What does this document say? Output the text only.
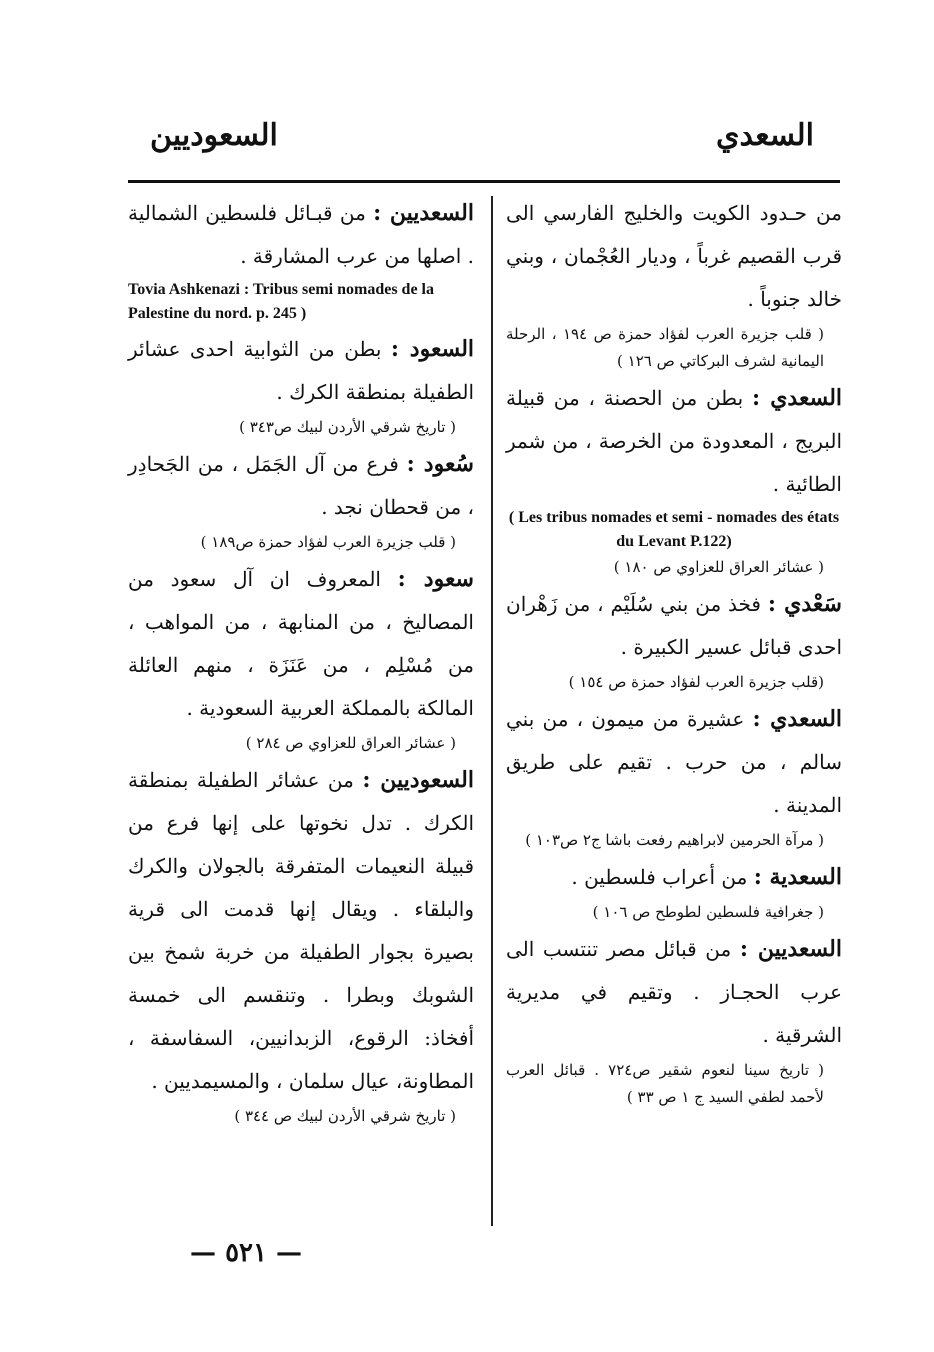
السعدي
السعوديين

من حـدود الكويت والخليج الفارسي الى قرب القصيم غرباً ، وديار العُجْمان ، وبني خالد جنوباً .

( قلب جزيرة العرب لفؤاد حمزة ص ١٩٤ ، الرحلة اليمانية لشرف البركاتي ص ١٢٦ )

السعدي : بطن من الحصنة ، من قبيلة البريج ، المعدودة من الخرصة ، من شمر الطائية .

( Les tribus nomades et semi - nomades des états du Levant P.122)

( عشائر العراق للعزاوي ص ١٨٠ )

سَعْدي : فخذ من بني سُلَيْم ، من زَهْران احدى قبائل عسير الكبيرة .

(قلب جزيرة العرب لفؤاد حمزة ص ١٥٤ )

السعدي : عشيرة من ميمون ، من بني سالم ، من حرب . تقيم على طريق المدينة .

( مرآة الحرمين لابراهيم رفعت باشا ج٢ ص١٠٣ )

السعدية : من أعراب فلسطين .

( جغرافية فلسطين لطوطح ص ١٠٦ )

السعديين : من قبائل مصر تنتسب الى عرب الحجـاز . وتقيم في مديرية الشرقية .

( تاريخ سينا لنعوم شقير ص٧٢٤ . قبائل العرب لأحمد لطفي السيد ج ١ ص ٣٣ )

السعديين : من قبـائل فلسطين الشمالية . اصلها من عرب المشارقة .

Tovia Ashkenazi : Tribus semi nomades de la Palestine du nord. p. 245 )

السعود : بطن من الثوابية احدى عشائر الطفيلة بمنطقة الكرك .

( تاريخ شرقي الأردن لبيك ص٣٤٣ )

سُعود : فرع من آل الجَمَل ، من الجَحادِر ، من قحطان نجد .

( قلب جزيرة العرب لفؤاد حمزة ص١٨٩ )

سعود : المعروف ان آل سعود من المصاليخ ، من المنابهة ، من المواهب ، من مُسْلِم ، من عَنَزَة ، منهم العائلة المالكة بالمملكة العربية السعودية .

( عشائر العراق للعزاوي ص ٢٨٤ )

السعوديين : من عشائر الطفيلة بمنطقة الكرك . تدل نخوتها على إنها فرع من قبيلة النعيمات المتفرقة بالجولان والكرك والبلقاء . ويقال إنها قدمت الى قرية بصيرة بجوار الطفيلة من خربة شمخ بين الشوبك وبطرا . وتنقسم الى خمسة أفخاذ: الرقوع، الزبدانيين، السفاسفة ، المطاونة، عيال سلمان ، والمسيمديين .

( تاريخ شرقي الأردن لبيك ص ٣٤٤ )

— ٥٢١ —
